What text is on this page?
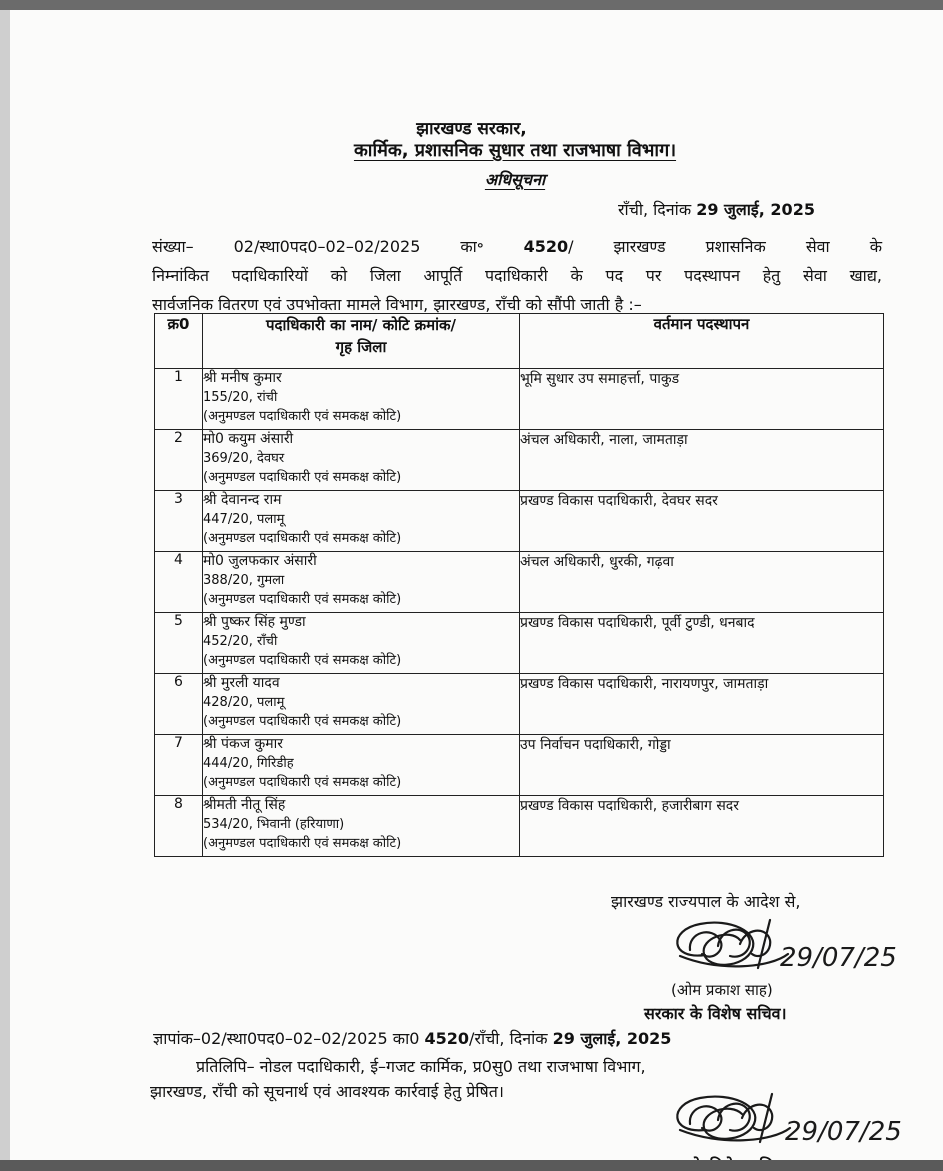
झारखण्ड सरकार,
कार्मिक, प्रशासनिक सुधार तथा राजभाषा विभाग।
अधिसूचना
राँची, दिनांक 29 जुलाई, 2025
संख्या– 02/स्था0पद0–02–02/2025 का॰	4520/ झारखण्ड प्रशासनिक सेवा के
निम्नांकित पदाधिकारियों को जिला आपूर्ति पदाधिकारी के पद पर पदस्थापन हेतु सेवा खाद्य,
सार्वजनिक वितरण एवं उपभोक्ता मामले विभाग, झारखण्ड, राँची को सौंपी जाती है :–
क्र0	पदाधिकारी का नाम/ कोटि क्रमांक/
गृह जिला	वर्तमान पदस्थापन
1	श्री मनीष कुमार
155/20, रांची
(अनुमण्डल पदाधिकारी एवं समकक्ष कोटि)	भूमि सुधार उप समाहर्त्ता, पाकुड
2	मो0 कयुम अंसारी
369/20, देवघर
(अनुमण्डल पदाधिकारी एवं समकक्ष कोटि)	अंचल अधिकारी, नाला, जामताड़ा
3	श्री देवानन्द राम
447/20, पलामू
(अनुमण्डल पदाधिकारी एवं समकक्ष कोटि)	प्रखण्ड विकास पदाधिकारी, देवघर सदर
4	मो0 जुलफकार अंसारी
388/20, गुमला
(अनुमण्डल पदाधिकारी एवं समकक्ष कोटि)	अंचल अधिकारी, धुरकी, गढ़वा
5	श्री पुष्कर सिंह मुण्डा
452/20, राँची
(अनुमण्डल पदाधिकारी एवं समकक्ष कोटि)	प्रखण्ड विकास पदाधिकारी, पूर्वी टुण्डी, धनबाद
6	श्री मुरली यादव
428/20, पलामू
(अनुमण्डल पदाधिकारी एवं समकक्ष कोटि)	प्रखण्ड विकास पदाधिकारी, नारायणपुर, जामताड़ा
7	श्री पंकज कुमार
444/20, गिरिडीह
(अनुमण्डल पदाधिकारी एवं समकक्ष कोटि)	उप निर्वाचन पदाधिकारी, गोड्डा
8	श्रीमती नीतू सिंह
534/20, भिवानी (हरियाणा)
(अनुमण्डल पदाधिकारी एवं समकक्ष कोटि)	प्रखण्ड विकास पदाधिकारी, हजारीबाग सदर
झारखण्ड राज्यपाल के आदेश से,
29/07/25
(ओम प्रकाश साह)
सरकार के विशेष सचिव।
ज्ञापांक–02/स्था0पद0–02–02/2025 का0 4520/राँची, दिनांक 29 जुलाई, 2025
प्रतिलिपि– नोडल पदाधिकारी, ई–गजट कार्मिक, प्र0सु0 तथा राजभाषा विभाग,
झारखण्ड, राँची को सूचनार्थ एवं आवश्यक कार्रवाई हेतु प्रेषित।
29/07/25
